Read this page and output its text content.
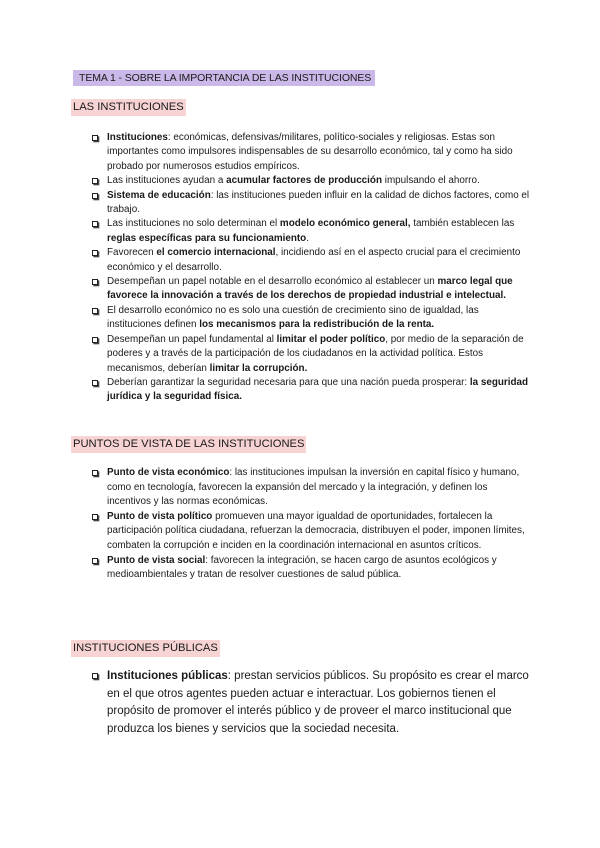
TEMA 1 - SOBRE LA IMPORTANCIA DE LAS INSTITUCIONES
LAS INSTITUCIONES
Instituciones: económicas, defensivas/militares, político-sociales y religiosas. Estas son importantes como impulsores indispensables de su desarrollo económico, tal y como ha sido probado por numerosos estudios empíricos.
Las instituciones ayudan a acumular factores de producción impulsando el ahorro.
Sistema de educación: las instituciones pueden influir en la calidad de dichos factores, como el trabajo.
Las instituciones no solo determinan el modelo económico general, también establecen las reglas específicas para su funcionamiento.
Favorecen el comercio internacional, incidiendo así en el aspecto crucial para el crecimiento económico y el desarrollo.
Desempeñan un papel notable en el desarrollo económico al establecer un marco legal que favorece la innovación a través de los derechos de propiedad industrial e intelectual.
El desarrollo económico no es solo una cuestión de crecimiento sino de igualdad, las instituciones definen los mecanismos para la redistribución de la renta.
Desempeñan un papel fundamental al limitar el poder político, por medio de la separación de poderes y a través de la participación de los ciudadanos en la actividad política. Estos mecanismos, deberían limitar la corrupción.
Deberían garantizar la seguridad necesaria para que una nación pueda prosperar: la seguridad jurídica y la seguridad física.
PUNTOS DE VISTA DE LAS INSTITUCIONES
Punto de vista económico: las instituciones impulsan la inversión en capital físico y humano, como en tecnología, favorecen la expansión del mercado y la integración, y definen los incentivos y las normas económicas.
Punto de vista político promueven una mayor igualdad de oportunidades, fortalecen la participación política ciudadana, refuerzan la democracia, distribuyen el poder, imponen límites, combaten la corrupción e inciden en la coordinación internacional en asuntos críticos.
Punto de vista social: favorecen la integración, se hacen cargo de asuntos ecológicos y medioambientales y tratan de resolver cuestiones de salud pública.
INSTITUCIONES PÚBLICAS
Instituciones públicas: prestan servicios públicos. Su propósito es crear el marco en el que otros agentes pueden actuar e interactuar. Los gobiernos tienen el propósito de promover el interés público y de proveer el marco institucional que produzca los bienes y servicios que la sociedad necesita.
